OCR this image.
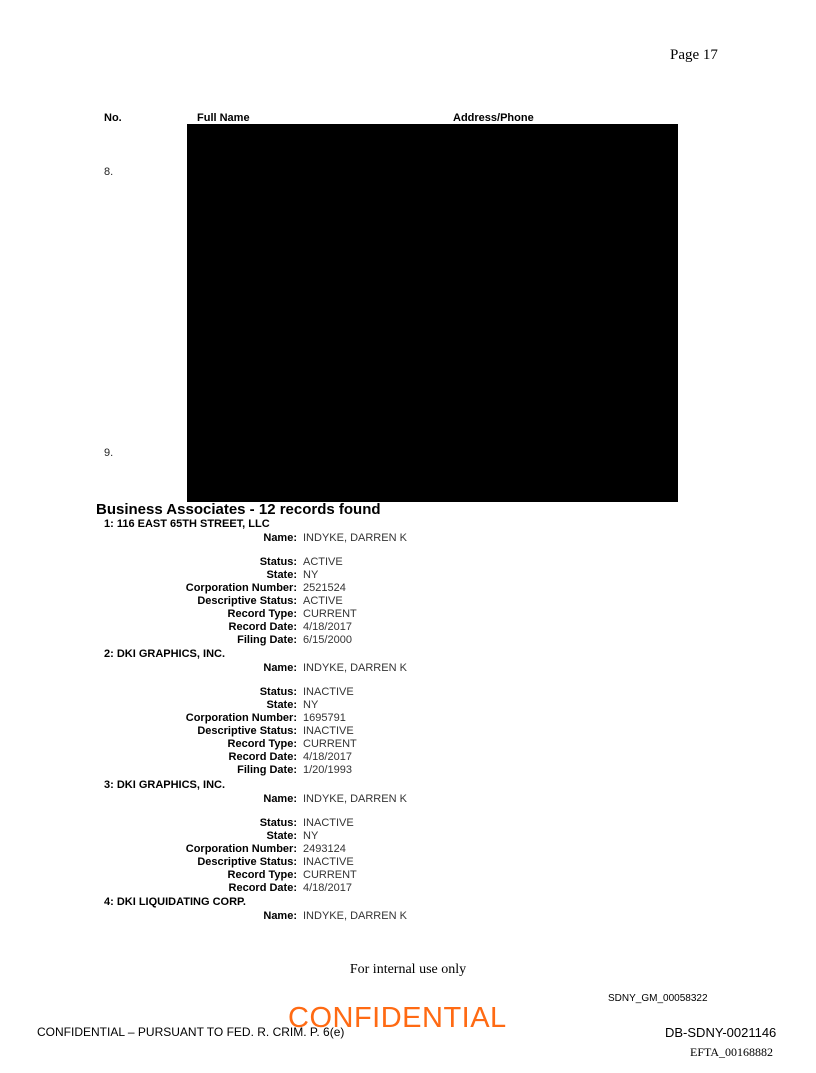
Page 17
No.	Full Name	Address/Phone
8.
9.
Business Associates - 12 records found
1: 116 EAST 65TH STREET, LLC
Name: INDYKE, DARREN K
Status: ACTIVE
State: NY
Corporation Number: 2521524
Descriptive Status: ACTIVE
Record Type: CURRENT
Record Date: 4/18/2017
Filing Date: 6/15/2000
2: DKI GRAPHICS, INC.
Name: INDYKE, DARREN K
Status: INACTIVE
State: NY
Corporation Number: 1695791
Descriptive Status: INACTIVE
Record Type: CURRENT
Record Date: 4/18/2017
Filing Date: 1/20/1993
3: DKI GRAPHICS, INC.
Name: INDYKE, DARREN K
Status: INACTIVE
State: NY
Corporation Number: 2493124
Descriptive Status: INACTIVE
Record Type: CURRENT
Record Date: 4/18/2017
4: DKI LIQUIDATING CORP.
Name: INDYKE, DARREN K
For internal use only
SDNY_GM_00058322
CONFIDENTIAL – PURSUANT TO FED. R. CRIM. P. 6(e)
CONFIDENTIAL	DB-SDNY-0021146
EFTA_00168882
